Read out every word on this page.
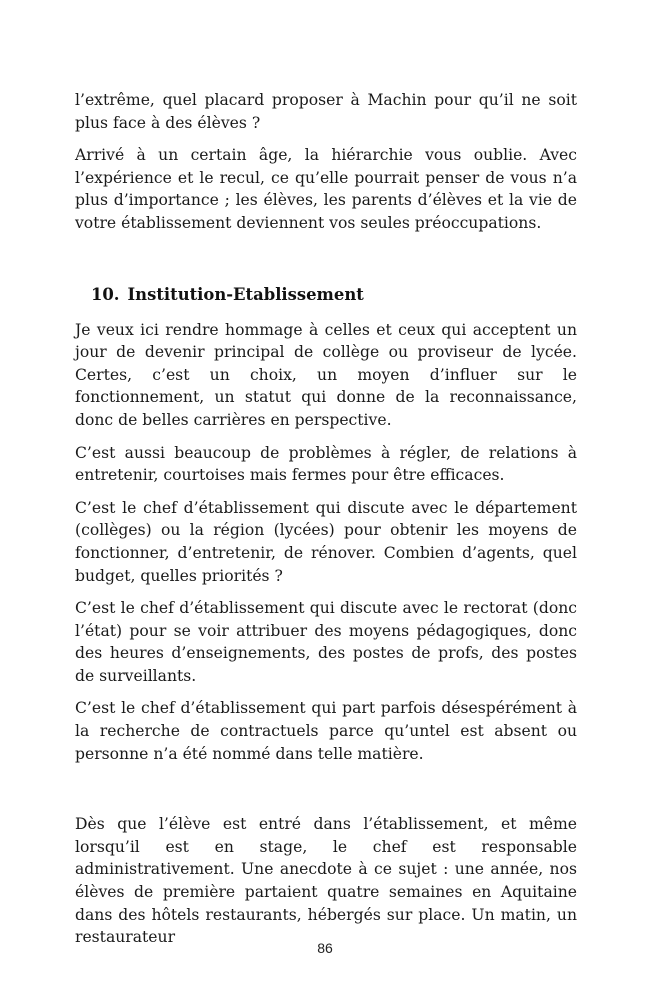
l’extrême, quel placard proposer à Machin pour qu’il ne soit plus face à des élèves ?

Arrivé à un certain âge, la hiérarchie vous oublie. Avec l’expérience et le recul, ce qu’elle pourrait penser de vous n’a plus d’importance ; les élèves, les parents d’élèves et la vie de votre établissement deviennent vos seules préoccupations.

10. Institution-Etablissement

Je veux ici rendre hommage à celles et ceux qui acceptent un jour de devenir principal de collège ou proviseur de lycée. Certes, c’est un choix, un moyen d’influer sur le fonctionnement, un statut qui donne de la reconnaissance, donc de belles carrières en perspective.

C’est aussi beaucoup de problèmes à régler, de relations à entretenir, courtoises mais fermes pour être efficaces.

C’est le chef d’établissement qui discute avec le département (collèges) ou la région (lycées) pour obtenir les moyens de fonctionner, d’entretenir, de rénover. Combien d’agents, quel budget, quelles priorités ?

C’est le chef d’établissement qui discute avec le rectorat (donc l’état) pour se voir attribuer des moyens pédagogiques, donc des heures d’enseignements, des postes de profs, des postes de surveillants.

C’est le chef d’établissement qui part parfois désespérément à la recherche de contractuels parce qu’untel est absent ou personne n’a été nommé dans telle matière.

Dès que l’élève est entré dans l’établissement, et même lorsqu’il est en stage, le chef est responsable administrativement. Une anecdote à ce sujet : une année, nos élèves de première partaient quatre semaines en Aquitaine dans des hôtels restaurants, hébergés sur place. Un matin, un restaurateur

86
